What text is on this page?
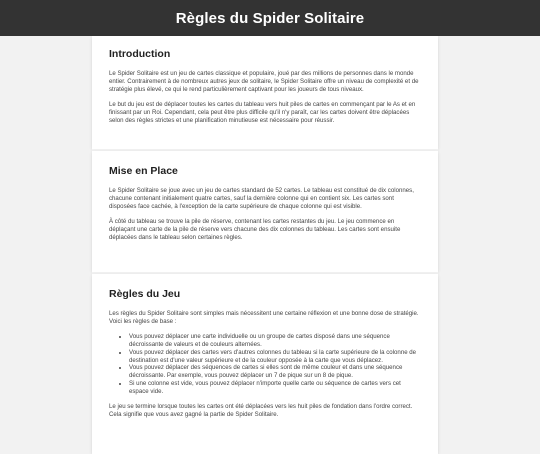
Règles du Spider Solitaire
Introduction

Le Spider Solitaire est un jeu de cartes classique et populaire, joué par des millions de personnes dans le monde entier. Contrairement à de nombreux autres jeux de solitaire, le Spider Solitaire offre un niveau de complexité et de stratégie plus élevé, ce qui le rend particulièrement captivant pour les joueurs de tous niveaux.

Le but du jeu est de déplacer toutes les cartes du tableau vers huit piles de cartes en commençant par le As et en finissant par un Roi. Cependant, cela peut être plus difficile qu'il n'y paraît, car les cartes doivent être déplacées selon des règles strictes et une planification minutieuse est nécessaire pour réussir.

Mise en Place

Le Spider Solitaire se joue avec un jeu de cartes standard de 52 cartes. Le tableau est constitué de dix colonnes, chacune contenant initialement quatre cartes, sauf la dernière colonne qui en contient six. Les cartes sont disposées face cachée, à l'exception de la carte supérieure de chaque colonne qui est visible.

À côté du tableau se trouve la pile de réserve, contenant les cartes restantes du jeu. Le jeu commence en déplaçant une carte de la pile de réserve vers chacune des dix colonnes du tableau. Les cartes sont ensuite déplacées dans le tableau selon certaines règles.

Règles du Jeu

Les règles du Spider Solitaire sont simples mais nécessitent une certaine réflexion et une bonne dose de stratégie. Voici les règles de base :

• Vous pouvez déplacer une carte individuelle ou un groupe de cartes disposé dans une séquence décroissante de valeurs et de couleurs alternées.
• Vous pouvez déplacer des cartes vers d'autres colonnes du tableau si la carte supérieure de la colonne de destination est d'une valeur supérieure et de la couleur opposée à la carte que vous déplacez.
• Vous pouvez déplacer des séquences de cartes si elles sont de même couleur et dans une séquence décroissante. Par exemple, vous pouvez déplacer un 7 de pique sur un 8 de pique.
• Si une colonne est vide, vous pouvez déplacer n'importe quelle carte ou séquence de cartes vers cet espace vide.

Le jeu se termine lorsque toutes les cartes ont été déplacées vers les huit piles de fondation dans l'ordre correct. Cela signifie que vous avez gagné la partie de Spider Solitaire.
